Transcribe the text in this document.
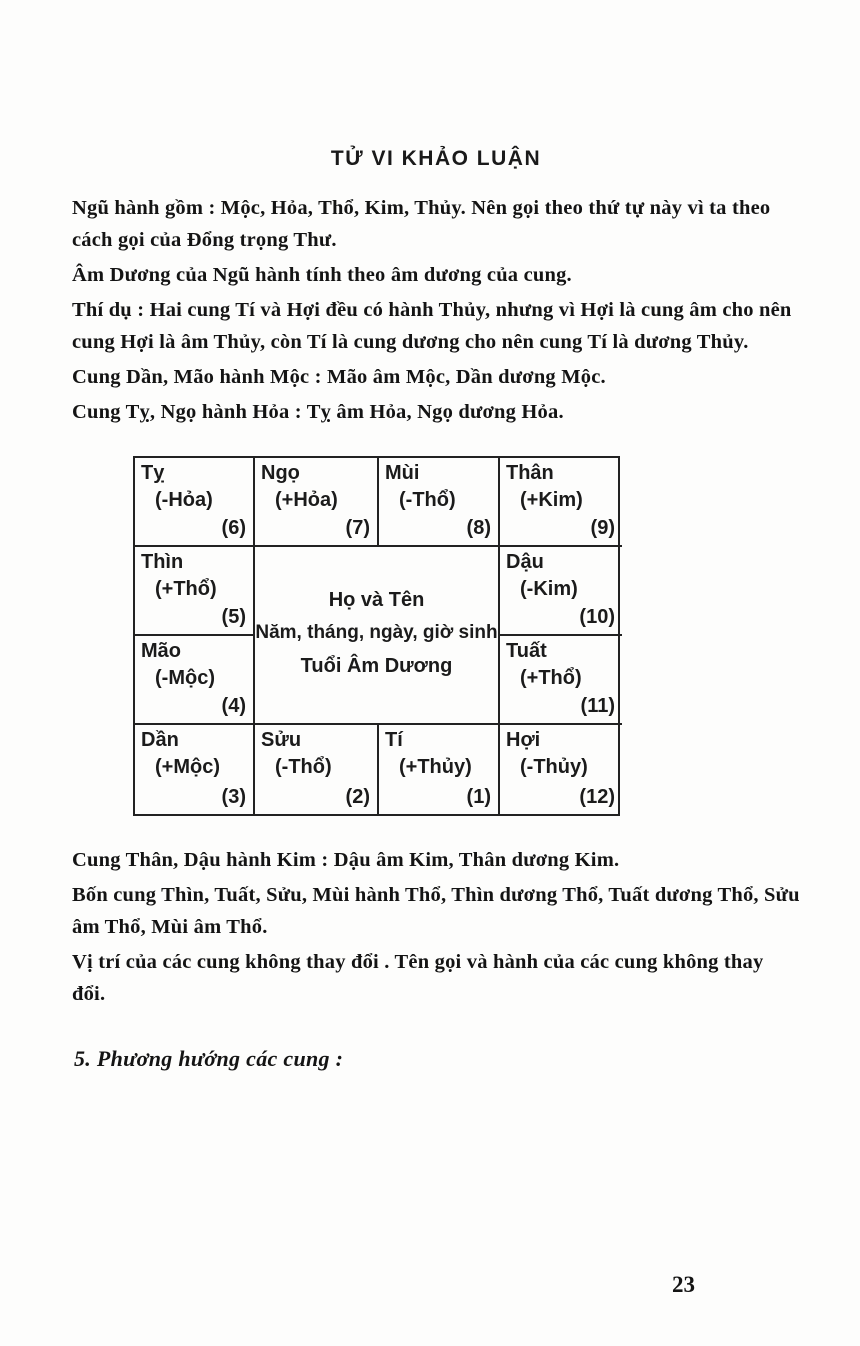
TỬ VI KHẢO LUẬN

Ngũ hành gồm : Mộc, Hỏa, Thổ, Kim, Thủy. Nên gọi theo thứ tự này vì ta theo cách gọi của Đổng trọng Thư.

Âm Dương của Ngũ hành tính theo âm dương của cung.

Thí dụ : Hai cung Tí và Hợi đều có hành Thủy, nhưng vì Hợi là cung âm cho nên cung Hợi là âm Thủy, còn Tí là cung dương cho nên cung Tí là dương Thủy.

Cung Dần, Mão hành Mộc : Mão âm Mộc, Dần dương Mộc.

Cung Tỵ, Ngọ hành Hỏa : Tỵ âm Hỏa, Ngọ dương Hỏa.

Tỵ
(-Hỏa)
(6)
Ngọ
(+Hỏa)
(7)
Mùi
(-Thổ)
(8)
Thân
(+Kim)
(9)
Thìn
(+Thổ)
(5)
Họ và Tên
Năm, tháng, ngày, giờ sinh
Tuổi Âm Dương
Dậu
(-Kim)
(10)
Mão
(-Mộc)
(4)
Tuất
(+Thổ)
(11)
Dần
(+Mộc)
(3)
Sửu
(-Thổ)
(2)
Tí
(+Thủy)
(1)
Hợi
(-Thủy)
(12)

Cung Thân, Dậu hành Kim : Dậu âm Kim, Thân dương Kim.

Bốn cung Thìn, Tuất, Sửu, Mùi hành Thổ, Thìn dương Thổ, Tuất dương Thổ, Sửu âm Thổ, Mùi âm Thổ.

Vị trí của các cung không thay đổi . Tên gọi và hành của các cung không thay đổi.

5. Phương hướng các cung :
23
